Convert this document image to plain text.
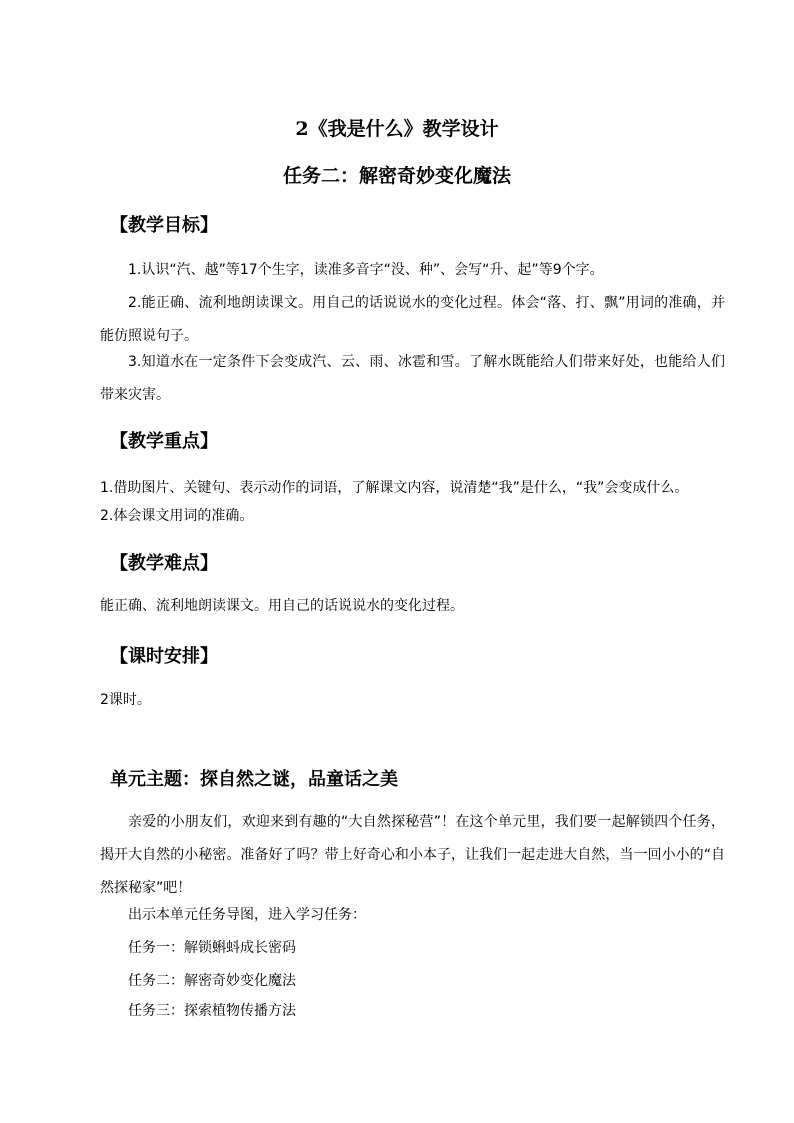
2《我是什么》教学设计
任务二：解密奇妙变化魔法
【教学目标】
1.认识“汽、越”等17个生字，读准多音字“没、种”、会写“升、起”等9个字。
2.能正确、流利地朗读课文。用自己的话说说水的变化过程。体会“落、打、飘”用词的准确，并能仿照说句子。
3.知道水在一定条件下会变成汽、云、雨、冰雹和雪。了解水既能给人们带来好处，也能给人们带来灾害。
【教学重点】
1.借助图片、关键句、表示动作的词语，了解课文内容，说清楚“我”是什么，“我”会变成什么。
2.体会课文用词的准确。
【教学难点】
能正确、流利地朗读课文。用自己的话说说水的变化过程。
【课时安排】
2课时。
单元主题：探自然之谜，品童话之美
亲爱的小朋友们，欢迎来到有趣的“大自然探秘营”！在这个单元里，我们要一起解锁四个任务，揭开大自然的小秘密。准备好了吗？带上好奇心和小本子，让我们一起走进大自然，当一回小小的“自然探秘家”吧！
出示本单元任务导图，进入学习任务：
任务一：解锁蝌蚪成长密码
任务二：解密奇妙变化魔法
任务三：探索植物传播方法
